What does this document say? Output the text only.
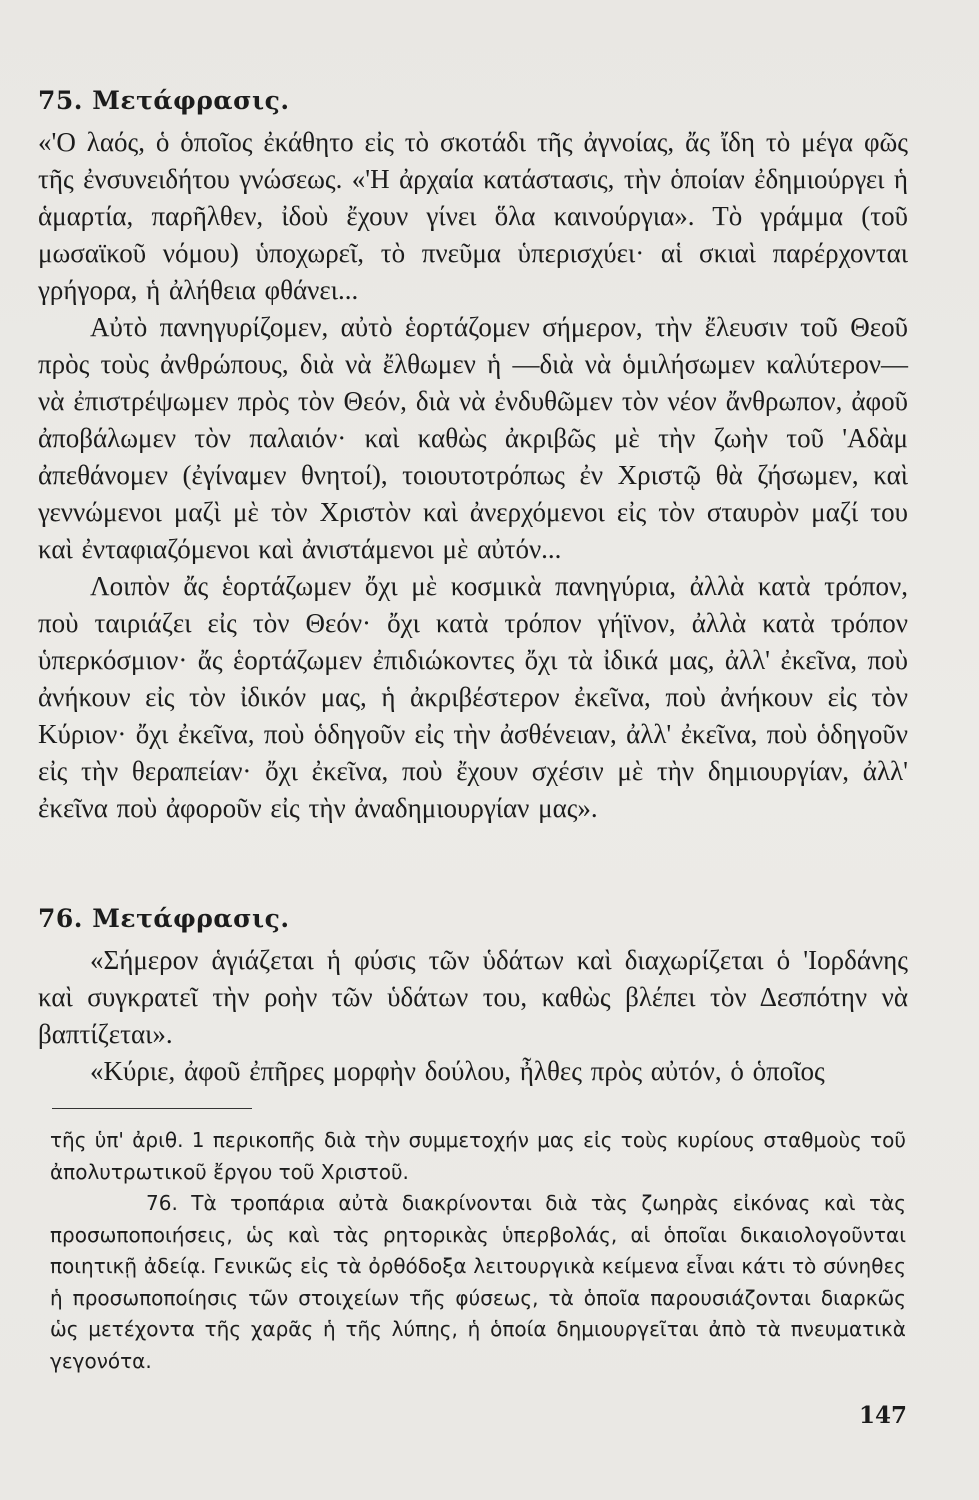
75. Μετάφρασις.

«'Ο λαός, ὁ ὁποῖος ἐκάθητο εἰς τὸ σκοτάδι τῆς ἀγνοίας, ἄς ἴδη τὸ μέγα φῶς τῆς ἐνσυνειδήτου γνώσεως. «'Η ἀρχαία κατάστασις, τὴν ὁποίαν ἐδημιούργει ἡ ἁμαρτία, παρῆλθεν, ἰδοὺ ἔχουν γίνει ὅλα καινούργια». Τὸ γράμμα (τοῦ μωσαϊκοῦ νόμου) ὑποχωρεῖ, τὸ πνεῦμα ὑπερισχύει· αἱ σκιαὶ παρέρχονται γρήγορα, ἡ ἀλήθεια φθάνει...

Αὐτὸ πανηγυρίζομεν, αὐτὸ ἑορτάζομεν σήμερον, τὴν ἔλευσιν τοῦ Θεοῦ πρὸς τοὺς ἀνθρώπους, διὰ νὰ ἔλθωμεν ἡ —διὰ νὰ ὁμιλήσωμεν καλύτερον— νὰ ἐπιστρέψωμεν πρὸς τὸν Θεόν, διὰ νὰ ἐνδυθῶμεν τὸν νέον ἄνθρωπον, ἀφοῦ ἀποβάλωμεν τὸν παλαιόν· καὶ καθὼς ἀκριβῶς μὲ τὴν ζωὴν τοῦ 'Αδὰμ ἀπεθάνομεν (ἐγίναμεν θνητοί), τοιουτοτρόπως ἐν Χριστῷ θὰ ζήσωμεν, καὶ γεννώμενοι μαζὶ μὲ τὸν Χριστὸν καὶ ἀνερχόμενοι εἰς τὸν σταυρὸν μαζί του καὶ ἐνταφιαζόμενοι καὶ ἀνιστάμενοι μὲ αὐτόν...

Λοιπὸν ἄς ἑορτάζωμεν ὄχι μὲ κοσμικὰ πανηγύρια, ἀλλὰ κατὰ τρόπον, ποὺ ταιριάζει εἰς τὸν Θεόν· ὄχι κατὰ τρόπον γήϊνον, ἀλλὰ κατὰ τρόπον ὑπερκόσμιον· ἄς ἑορτάζωμεν ἐπιδιώκοντες ὄχι τὰ ἰδικά μας, ἀλλ' ἐκεῖνα, ποὺ ἀνήκουν εἰς τὸν ἰδικόν μας, ἡ ἀκριβέστερον ἐκεῖνα, ποὺ ἀνήκουν εἰς τὸν Κύριον· ὄχι ἐκεῖνα, ποὺ ὁδηγοῦν εἰς τὴν ἀσθένειαν, ἀλλ' ἐκεῖνα, ποὺ ὁδηγοῦν εἰς τὴν θεραπείαν· ὄχι ἐκεῖνα, ποὺ ἔχουν σχέσιν μὲ τὴν δημιουργίαν, ἀλλ' ἐκεῖνα ποὺ ἀφοροῦν εἰς τὴν ἀναδημιουργίαν μας».

76. Μετάφρασις.

«Σήμερον ἁγιάζεται ἡ φύσις τῶν ὑδάτων καὶ διαχωρίζεται ὁ 'Ιορδάνης καὶ συγκρατεῖ τὴν ροὴν τῶν ὑδάτων του, καθὼς βλέπει τὸν Δεσπότην νὰ βαπτίζεται».

«Κύριε, ἀφοῦ ἐπῆρες μορφὴν δούλου, ἦλθες πρὸς αὐτόν, ὁ ὁποῖος

τῆς ὑπ' ἀριθ. 1 περικοπῆς διὰ τὴν συμμετοχήν μας εἰς τοὺς κυρίους σταθμοὺς τοῦ ἀπολυτρωτικοῦ ἔργου τοῦ Χριστοῦ.

76. Τὰ τροπάρια αὐτὰ διακρίνονται διὰ τὰς ζωηρὰς εἰκόνας καὶ τὰς προσωποποιήσεις, ὡς καὶ τὰς ρητορικὰς ὑπερβολάς, αἱ ὁποῖαι δικαιολογοῦνται ποιητικῇ ἀδείᾳ. Γενικῶς εἰς τὰ ὀρθόδοξα λειτουργικὰ κείμενα εἶναι κάτι τὸ σύνηθες ἡ προσωποποίησις τῶν στοιχείων τῆς φύσεως, τὰ ὁποῖα παρουσιάζονται διαρκῶς ὡς μετέχοντα τῆς χαρᾶς ἡ τῆς λύπης, ἡ ὁποία δημιουργεῖται ἀπὸ τὰ πνευματικὰ γεγονότα.

147
